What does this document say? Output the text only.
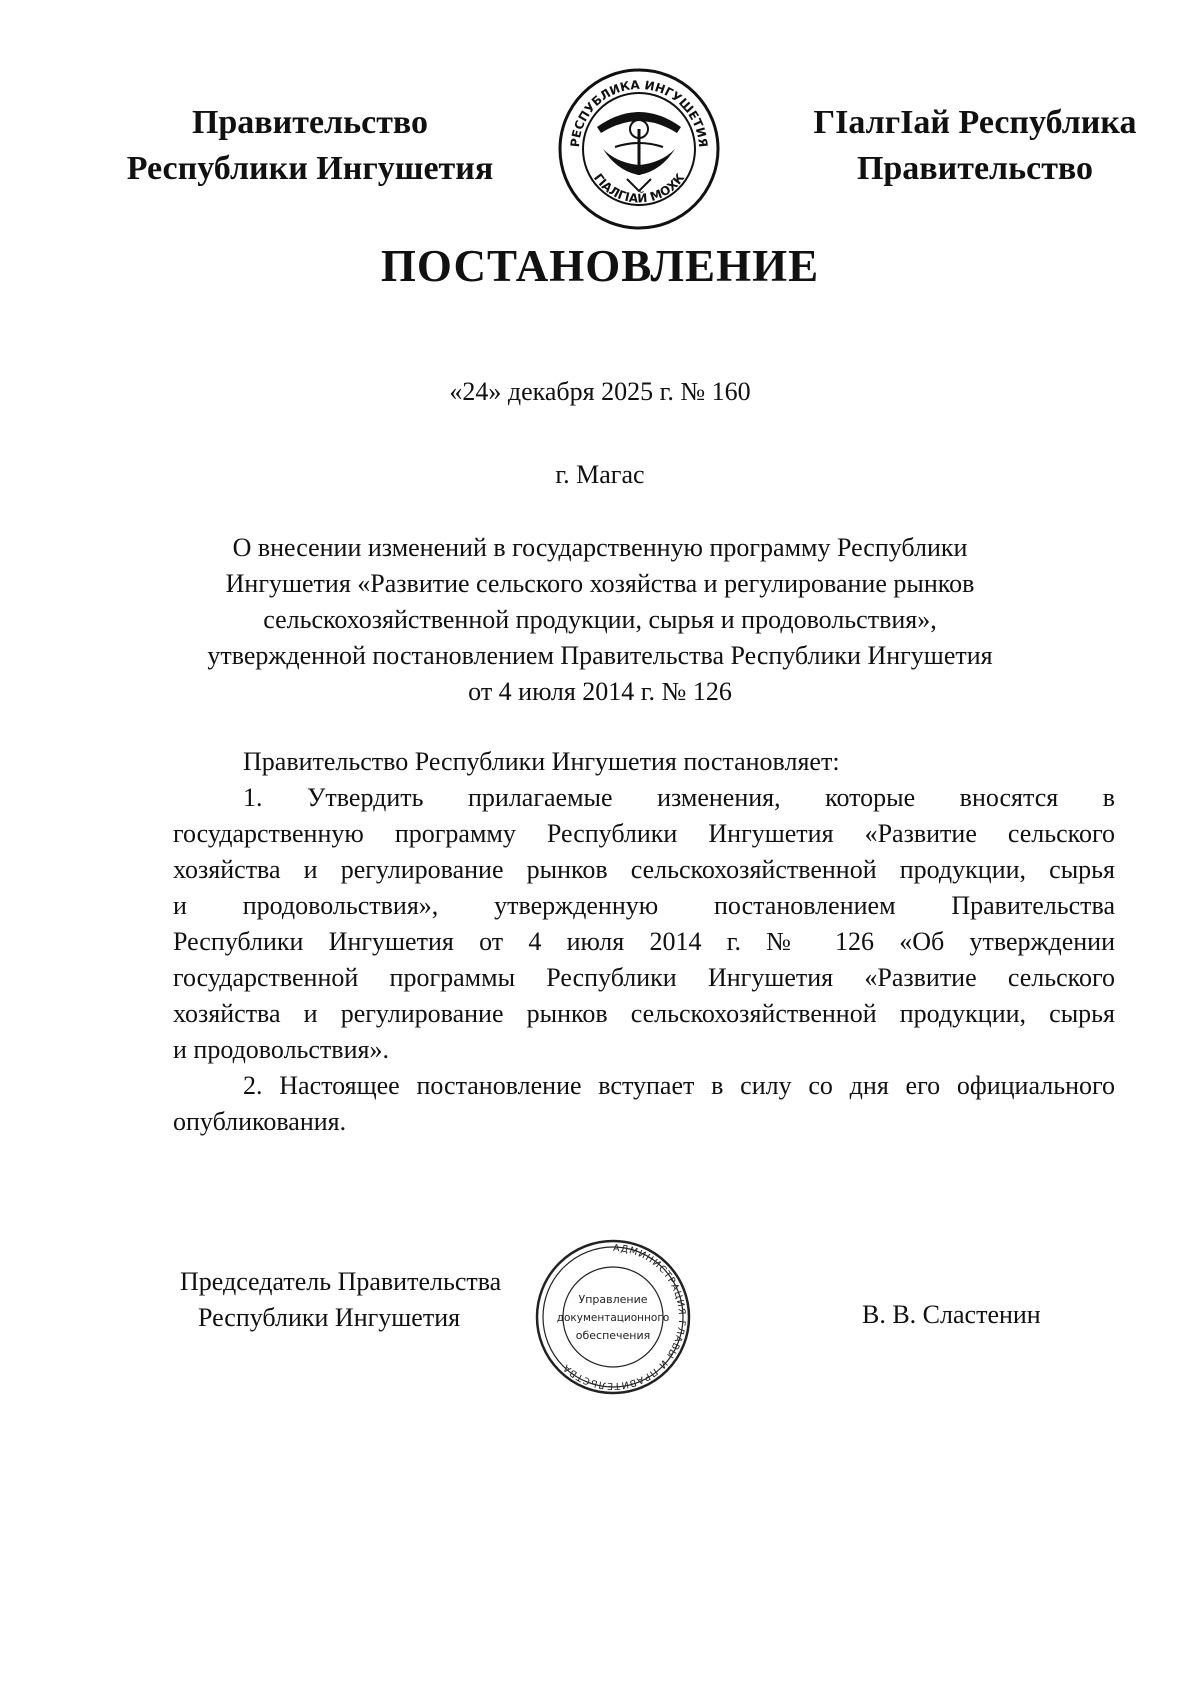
Правительство
Республики Ингушетия
РЕСПУБЛИКА ИНГУШЕТИЯ
ГIАЛГIАЙ МОХК
ГIалгIай Республика
Правительство
ПОСТАНОВЛЕНИЕ
«24» декабря 2025 г. № 160
г. Магас
О внесении изменений в государственную программу Республики
Ингушетия «Развитие сельского хозяйства и регулирование рынков
сельскохозяйственной продукции, сырья и продовольствия»,
утвержденной постановлением Правительства Республики Ингушетия
от 4 июля 2014 г. № 126

Правительство Республики Ингушетия постановляет:

1. Утвердить прилагаемые изменения, которые вносятся в
государственную программу Республики Ингушетия «Развитие сельского
хозяйства и регулирование рынков сельскохозяйственной продукции, сырья
и продовольствия», утвержденную постановлением Правительства
Республики Ингушетия от 4 июля 2014 г. № 126 «Об утверждении
государственной программы Республики Ингушетия «Развитие сельского
хозяйства и регулирование рынков сельскохозяйственной продукции, сырья
и продовольствия».

2. Настоящее постановление вступает в силу со дня его официального
опубликования.

Председатель Правительства
Республики Ингушетия
АДМИНИСТРАЦИЯ ГЛАВЫ И ПРАВИТЕЛЬСТВА
Управление
документационного
обеспечения
В. В. Сластенин
